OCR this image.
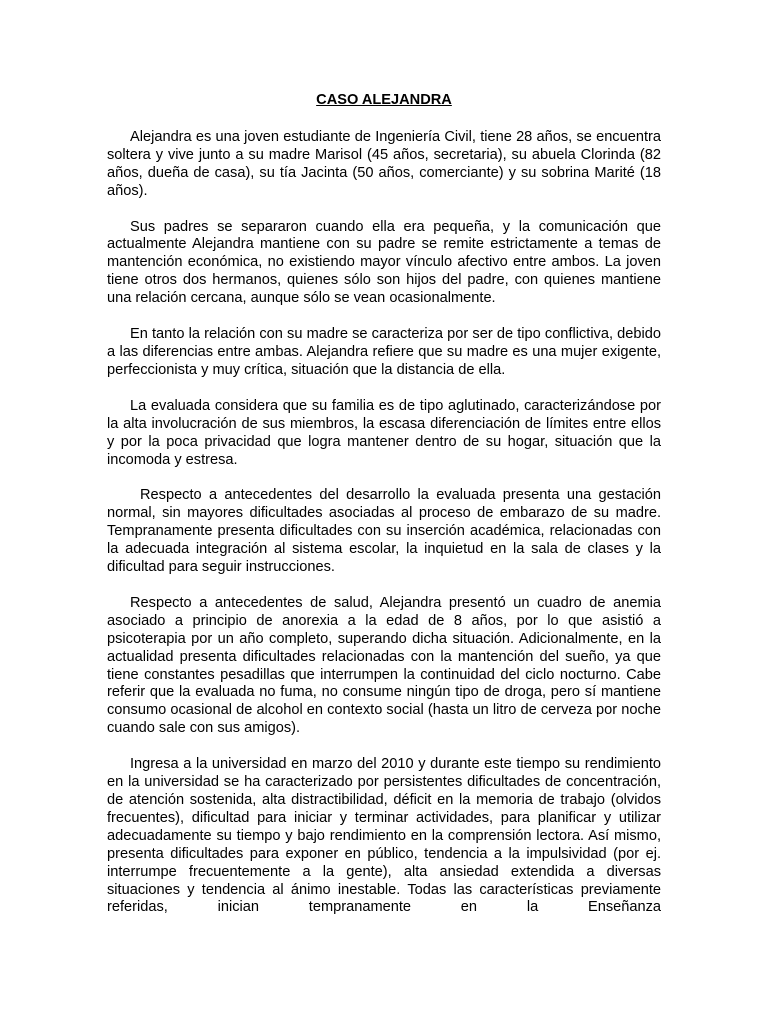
CASO ALEJANDRA

Alejandra es una joven estudiante de Ingeniería Civil, tiene 28 años, se encuentra soltera y vive junto a su madre Marisol (45 años, secretaria), su abuela Clorinda (82 años, dueña de casa), su tía Jacinta (50 años, comerciante) y su sobrina Marité (18 años).

Sus padres se separaron cuando ella era pequeña, y la comunicación que actualmente Alejandra mantiene con su padre se remite estrictamente a temas de mantención económica, no existiendo mayor vínculo afectivo entre ambos. La joven tiene otros dos hermanos, quienes sólo son hijos del padre, con quienes mantiene una relación cercana, aunque sólo se vean ocasionalmente.

En tanto la relación con su madre se caracteriza por ser de tipo conflictiva, debido a las diferencias entre ambas. Alejandra refiere que su madre es una mujer exigente, perfeccionista y muy crítica, situación que la distancia de ella.

La evaluada considera que su familia es de tipo aglutinado, caracterizándose por la alta involucración de sus miembros, la escasa diferenciación de límites entre ellos y por la poca privacidad que logra mantener dentro de su hogar, situación que la incomoda y estresa.

Respecto a antecedentes del desarrollo la evaluada presenta una gestación normal, sin mayores dificultades asociadas al proceso de embarazo de su madre. Tempranamente presenta dificultades con su inserción académica, relacionadas con la adecuada integración al sistema escolar, la inquietud en la sala de clases y la dificultad para seguir instrucciones.

Respecto a antecedentes de salud, Alejandra presentó un cuadro de anemia asociado a principio de anorexia a la edad de 8 años, por lo que asistió a psicoterapia por un año completo, superando dicha situación. Adicionalmente, en la actualidad presenta dificultades relacionadas con la mantención del sueño, ya que tiene constantes pesadillas que interrumpen la continuidad del ciclo nocturno. Cabe referir que la evaluada no fuma, no consume ningún tipo de droga, pero sí mantiene consumo ocasional de alcohol en contexto social (hasta un litro de cerveza por noche cuando sale con sus amigos).

Ingresa a la universidad en marzo del 2010 y durante este tiempo su rendimiento en la universidad se ha caracterizado por persistentes dificultades de concentración, de atención sostenida, alta distractibilidad, déficit en la memoria de trabajo (olvidos frecuentes), dificultad para iniciar y terminar actividades, para planificar y utilizar adecuadamente su tiempo y bajo rendimiento en la comprensión lectora. Así mismo, presenta dificultades para exponer en público, tendencia a la impulsividad (por ej. interrumpe frecuentemente a la gente), alta ansiedad extendida a diversas situaciones y tendencia al ánimo inestable. Todas las características previamente referidas, inician tempranamente en la Enseñanza
